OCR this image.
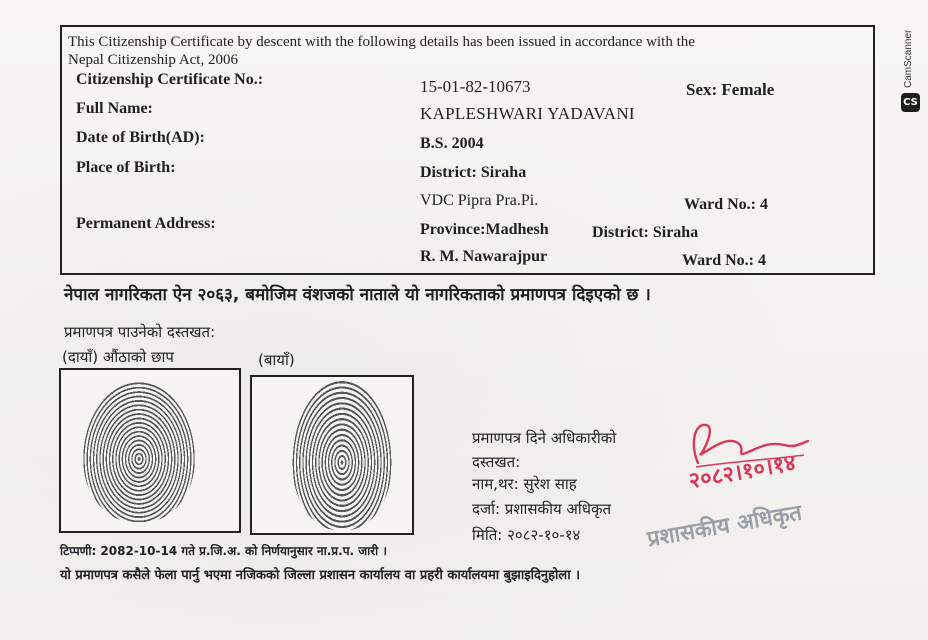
This Citizenship Certificate by descent with the following details has been issued in accordance with the
Nepal Citizenship Act, 2006
Citizenship Certificate No.:	15-01-82-10673	Sex: Female
Full Name:	KAPLESHWARI YADAVANI
Date of Birth(AD):	B.S. 2004
Place of Birth:	District: Siraha
VDC Pipra Pra.Pi.	Ward No.: 4
Permanent Address:	Province:Madhesh	District: Siraha
R. M. Nawarajpur	Ward No.: 4
नेपाल नागरिकता ऐन २०६३, बमोजिम वंशजको नाताले यो नागरिकताको प्रमाणपत्र दिइएको छ ।
प्रमाणपत्र पाउनेको दस्तखत:
(दायाँ) औंठाको छाप	(बायाँ)
प्रमाणपत्र दिने अधिकारीको
दस्तखत:
नाम,थर: सुरेश साह
दर्जा: प्रशासकीय अधिकृत
मिति: २०८२-१०-१४
२०८२।१०।१४
प्रशासकीय अधिकृत
टिप्पणी: 2082-10-14 गते प्र.जि.अ. को निर्णयानुसार ना.प्र.प. जारी ।
यो प्रमाणपत्र कसैले फेला पार्नु भएमा नजिकको जिल्ला प्रशासन कार्यालय वा प्रहरी कार्यालयमा बुझाइदिनुहोला ।
CamScanner
CS
